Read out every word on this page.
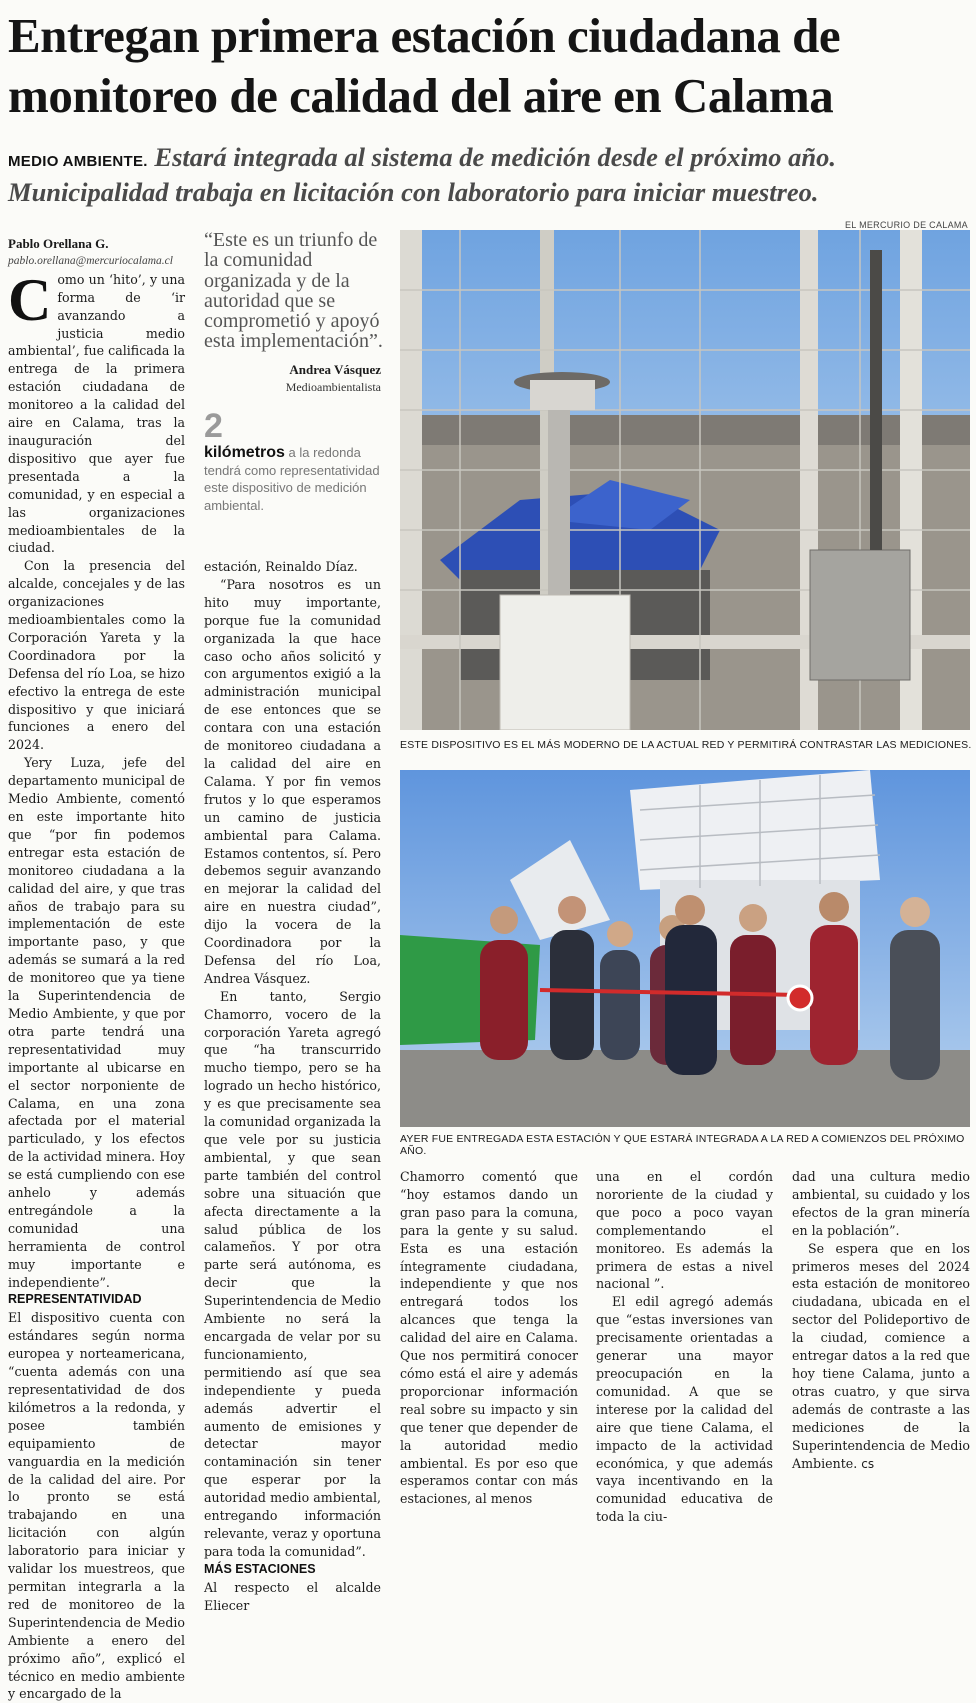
Entregan primera estación ciudadana de monitoreo de calidad del aire en Calama

MEDIO AMBIENTE. Estará integrada al sistema de medición desde el próximo año. Municipalidad trabaja en licitación con laboratorio para iniciar muestreo.

Pablo Orellana G.

pablo.orellana@mercuriocalama.cl

Como un ‘hito’, y una forma de ‘ir avanzando a justicia medio ambiental’, fue calificada la entrega de la primera estación ciudadana de monitoreo a la calidad del aire en Calama, tras la inauguración del dispositivo que ayer fue presentada a la comunidad, y en especial a las organizaciones medioambientales de la ciudad.

Con la presencia del alcalde, concejales y de las organizaciones medioambientales como la Corporación Yareta y la Coordinadora por la Defensa del río Loa, se hizo efectivo la entrega de este dispositivo y que iniciará funciones a enero del 2024.

Yery Luza, jefe del departamento municipal de Medio Ambiente, comentó en este importante hito que “por fin podemos entregar esta estación de monitoreo ciudadana a la calidad del aire, y que tras años de trabajo para su implementación de este importante paso, y que además se sumará a la red de monitoreo que ya tiene la Superintendencia de Medio Ambiente, y que por otra parte tendrá una representatividad muy importante al ubicarse en el sector norponiente de Calama, en una zona afectada por el material particulado, y los efectos de la actividad minera. Hoy se está cumpliendo con ese anhelo y además entregándole a la comunidad una herramienta de control muy importante e independiente”.

REPRESENTATIVIDAD

El dispositivo cuenta con estándares según norma europea y norteamericana, “cuenta además con una representatividad de dos kilómetros a la redonda, y posee también equipamiento de vanguardia en la medición de la calidad del aire. Por lo pronto se está trabajando en una licitación con algún laboratorio para iniciar y validar los muestreos, que permitan integrarla a la red de monitoreo de la Superintendencia de Medio Ambiente a enero del próximo año”, explicó el técnico en medio ambiente y encargado de la

“Este es un triunfo de la comunidad organizada y de la autoridad que se comprometió y apoyó esta implementación”.

Andrea Vásquez

Medioambientalista

2

kilómetros a la redonda tendrá como representatividad este dispositivo de medición ambiental.

estación, Reinaldo Díaz.

“Para nosotros es un hito muy importante, porque fue la comunidad organizada la que hace caso ocho años solicitó y con argumentos exigió a la administración municipal de ese entonces que se contara con una estación de monitoreo ciudadana a la calidad del aire en Calama. Y por fin vemos frutos y lo que esperamos un camino de justicia ambiental para Calama. Estamos contentos, sí. Pero debemos seguir avanzando en mejorar la calidad del aire en nuestra ciudad”, dijo la vocera de la Coordinadora por la Defensa del río Loa, Andrea Vásquez.

En tanto, Sergio Chamorro, vocero de la corporación Yareta agregó que “ha transcurrido mucho tiempo, pero se ha logrado un hecho histórico, y es que precisamente sea la comunidad organizada la que vele por su justicia ambiental, y que sean parte también del control sobre una situación que afecta directamente a la salud pública de los calameños. Y por otra parte será autónoma, es decir que la Superintendencia de Medio Ambiente no será la encargada de velar por su funcionamiento, permitiendo así que sea independiente y pueda además advertir el aumento de emisiones y detectar mayor contaminación sin tener que esperar por la autoridad medio ambiental, entregando información relevante, veraz y oportuna para toda la comunidad”.

MÁS ESTACIONES

Al respecto el alcalde Eliecer

EL MERCURIO DE CALAMA

ESTE DISPOSITIVO ES EL MÁS MODERNO DE LA ACTUAL RED Y PERMITIRÁ CONTRASTAR LAS MEDICIONES.

AYER FUE ENTREGADA ESTA ESTACIÓN Y QUE ESTARÁ INTEGRADA A LA RED A COMIENZOS DEL PRÓXIMO AÑO.

Chamorro comentó que “hoy estamos dando un gran paso para la comuna, para la gente y su salud. Esta es una estación íntegramente ciudadana, independiente y que nos entregará todos los alcances que tenga la calidad del aire en Calama. Que nos permitirá conocer cómo está el aire y además proporcionar información real sobre su impacto y sin que tener que depender de la autoridad medio ambiental. Es por eso que esperamos contar con más estaciones, al menos

una en el cordón nororiente de la ciudad y que poco a poco vayan complementando el monitoreo. Es además la primera de estas a nivel nacional ”.

El edil agregó además que “estas inversiones van precisamente orientadas a generar una mayor preocupación en la comunidad. A que se interese por la calidad del aire que tiene Calama, el impacto de la actividad económica, y que además vaya incentivando en la comunidad educativa de toda la ciu-

dad una cultura medio ambiental, su cuidado y los efectos de la gran minería en la población”.

Se espera que en los primeros meses del 2024 esta estación de monitoreo ciudadana, ubicada en el sector del Polideportivo de la ciudad, comience a entregar datos a la red que hoy tiene Calama, junto a otras cuatro, y que sirva además de contraste a las mediciones de la Superintendencia de Medio Ambiente. cs
